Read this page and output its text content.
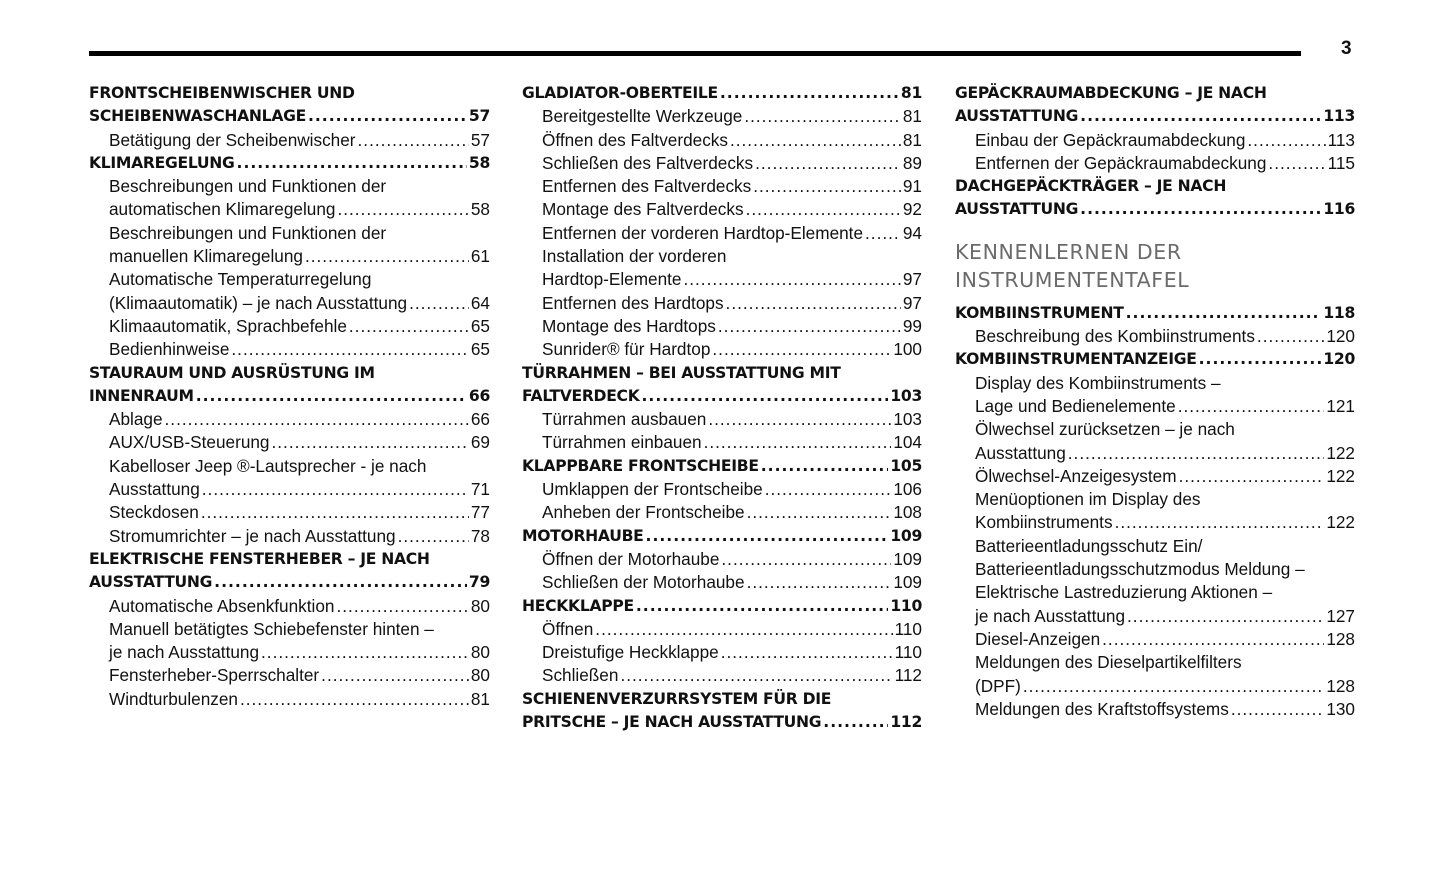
3
FRONTSCHEIBENWISCHER UND
SCHEIBENWASCHANLAGE .....	57
Betätigung der Scheibenwischer .....	57
KLIMAREGELUNG .....	58
Beschreibungen und Funktionen der
automatischen Klimaregelung .....	58
Beschreibungen und Funktionen der
manuellen Klimaregelung .....	61
Automatische Temperaturregelung
(Klimaautomatik) – je nach Ausstattung .....	64
Klimaautomatik, Sprachbefehle .....	65
Bedienhinweise .....	65
STAURAUM UND AUSRÜSTUNG IM
INNENRAUM .....	66
Ablage .....	66
AUX/USB-Steuerung .....	69
Kabelloser Jeep ®-Lautsprecher - je nach
Ausstattung .....	71
Steckdosen .....	77
Stromumrichter – je nach Ausstattung .....	78
ELEKTRISCHE FENSTERHEBER – JE NACH
AUSSTATTUNG .....	79
Automatische Absenkfunktion .....	80
Manuell betätigtes Schiebefenster hinten –
je nach Ausstattung .....	80
Fensterheber-Sperrschalter .....	80
Windturbulenzen .....	81
GLADIATOR-OBERTEILE .....	81
Bereitgestellte Werkzeuge .....	81
Öffnen des Faltverdecks .....	81
Schließen des Faltverdecks .....	89
Entfernen des Faltverdecks .....	91
Montage des Faltverdecks .....	92
Entfernen der vorderen Hardtop-Elemente ..... 94
Installation der vorderen
Hardtop-Elemente .....	97
Entfernen des Hardtops .....	97
Montage des Hardtops .....	99
Sunrider® für Hardtop .....	100
TÜRRAHMEN – BEI AUSSTATTUNG MIT
FALTVERDECK .....	103
Türrahmen ausbauen .....	103
Türrahmen einbauen .....	104
KLAPPBARE FRONTSCHEIBE .....	105
Umklappen der Frontscheibe .....	106
Anheben der Frontscheibe .....	108
MOTORHAUBE .....	109
Öffnen der Motorhaube .....	109
Schließen der Motorhaube .....	109
HECKKLAPPE .....	110
Öffnen .....	110
Dreistufige Heckklappe .....	110
Schließen .....	112
SCHIENENVERZURRSYSTEM FÜR DIE
PRITSCHE – JE NACH AUSSTATTUNG .....	112
GEPÄCKRAUMABDECKUNG – JE NACH
AUSSTATTUNG .....	113
Einbau der Gepäckraumabdeckung .....	113
Entfernen der Gepäckraumabdeckung .....	115
DACHGEPÄCKTRÄGER – JE NACH
AUSSTATTUNG .....	116
KENNENLERNEN DER
INSTRUMENTENTAFEL
KOMBIINSTRUMENT .....	118
Beschreibung des Kombiinstruments .....	120
KOMBIINSTRUMENTANZEIGE .....	120
Display des Kombiinstruments –
Lage und Bedienelemente .....	121
Ölwechsel zurücksetzen – je nach
Ausstattung .....	122
Ölwechsel-Anzeigesystem .....	122
Menüoptionen im Display des
Kombiinstruments .....	122
Batterieentladungsschutz Ein/
Batterieentladungsschutzmodus Meldung –
Elektrische Lastreduzierung Aktionen –
je nach Ausstattung .....	127
Diesel-Anzeigen .....	128
Meldungen des Dieselpartikelfilters
(DPF) .....	128
Meldungen des Kraftstoffsystems .....	130
